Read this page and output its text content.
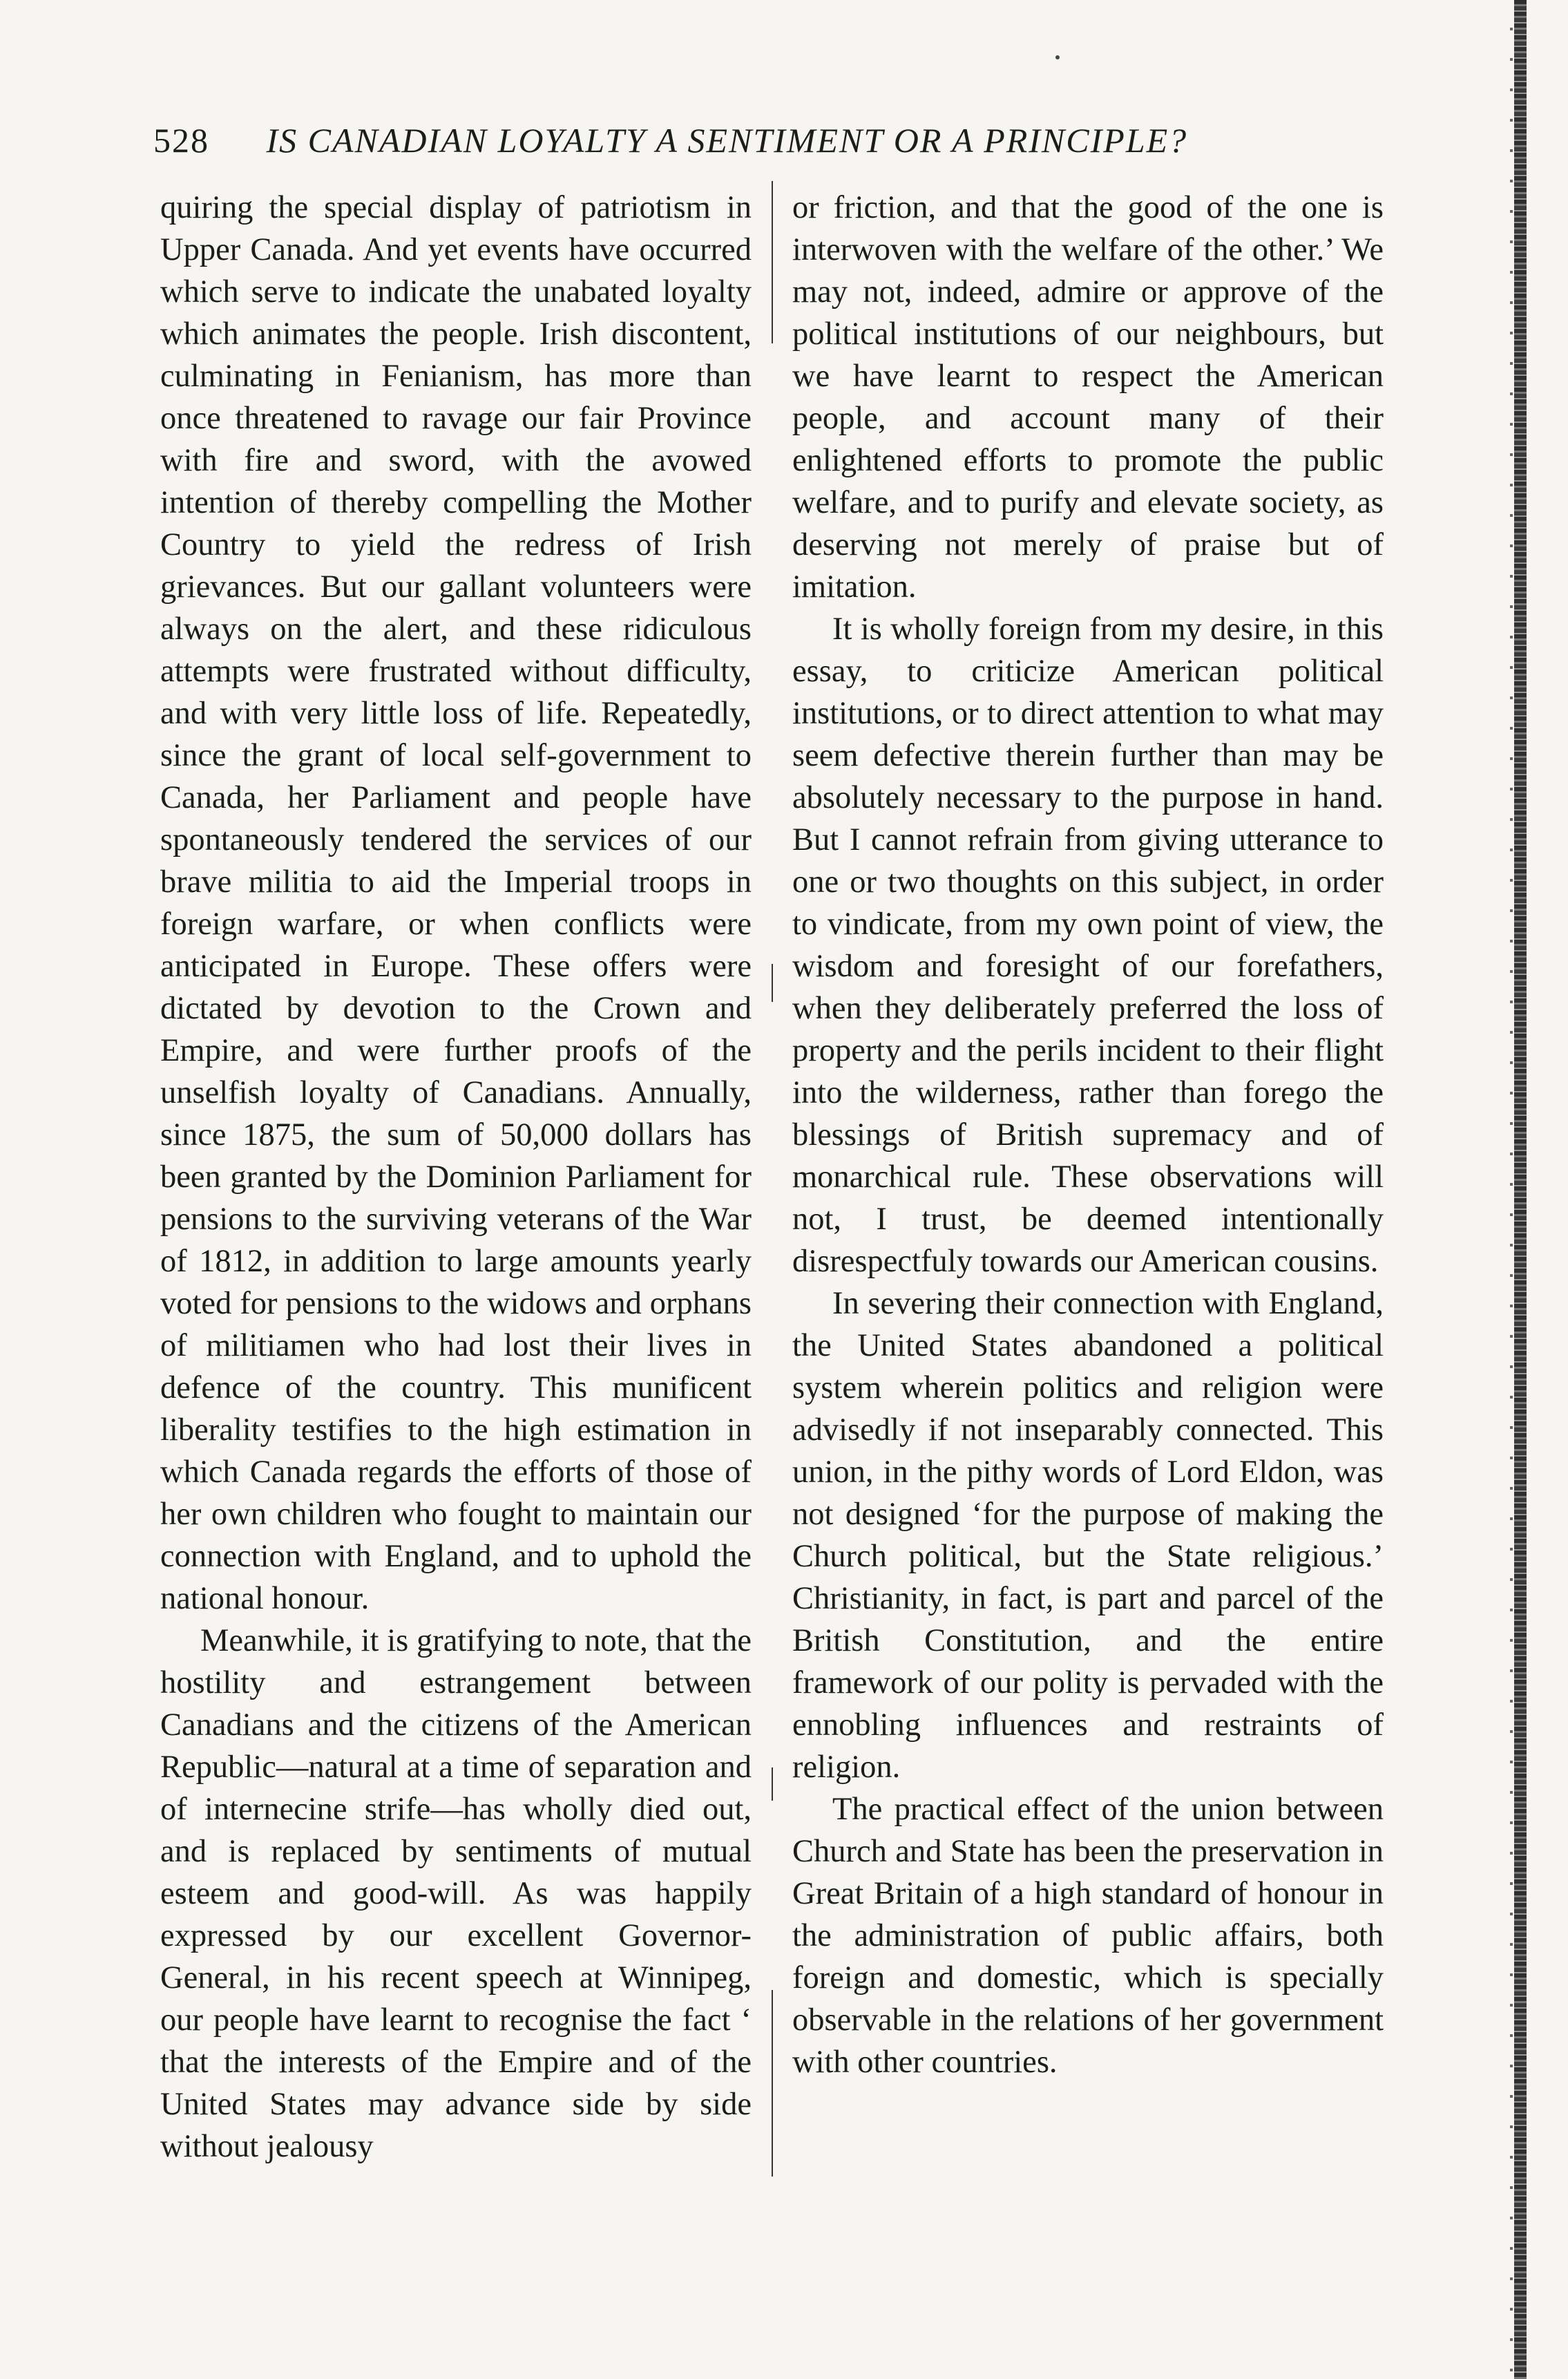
528 IS CANADIAN LOYALTY A SENTIMENT OR A PRINCIPLE?

quiring the special display of patriotism in Upper Canada. And yet events have occurred which serve to indicate the unabated loyalty which animates the people. Irish discontent, culminating in Fenianism, has more than once threatened to ravage our fair Province with fire and sword, with the avowed intention of thereby compelling the Mother Country to yield the redress of Irish grievances. But our gallant volunteers were always on the alert, and these ridiculous attempts were frustrated without difficulty, and with very little loss of life. Repeatedly, since the grant of local self-government to Canada, her Parliament and people have spontaneously tendered the services of our brave militia to aid the Imperial troops in foreign warfare, or when conflicts were anticipated in Europe. These offers were dictated by devotion to the Crown and Empire, and were further proofs of the unselfish loyalty of Canadians. Annually, since 1875, the sum of 50,000 dollars has been granted by the Dominion Parliament for pensions to the surviving veterans of the War of 1812, in addition to large amounts yearly voted for pensions to the widows and orphans of militiamen who had lost their lives in defence of the country. This munificent liberality testifies to the high estimation in which Canada regards the efforts of those of her own children who fought to maintain our connection with England, and to uphold the national honour.

Meanwhile, it is gratifying to note, that the hostility and estrangement between Canadians and the citizens of the American Republic—natural at a time of separation and of internecine strife—has wholly died out, and is replaced by sentiments of mutual esteem and good-will. As was happily expressed by our excellent Governor-General, in his recent speech at Winnipeg, our people have learnt to recognise the fact ‘ that the interests of the Empire and of the United States may advance side by side without jealousy

or friction, and that the good of the one is interwoven with the welfare of the other.’ We may not, indeed, admire or approve of the political institutions of our neighbours, but we have learnt to respect the American people, and account many of their enlightened efforts to promote the public welfare, and to purify and elevate society, as deserving not merely of praise but of imitation.

It is wholly foreign from my desire, in this essay, to criticize American political institutions, or to direct attention to what may seem defective therein further than may be absolutely necessary to the purpose in hand. But I cannot refrain from giving utterance to one or two thoughts on this subject, in order to vindicate, from my own point of view, the wisdom and foresight of our forefathers, when they deliberately preferred the loss of property and the perils incident to their flight into the wilderness, rather than forego the blessings of British supremacy and of monarchical rule. These observations will not, I trust, be deemed intentionally disrespectfuly towards our American cousins.

In severing their connection with England, the United States abandoned a political system wherein politics and religion were advisedly if not inseparably connected. This union, in the pithy words of Lord Eldon, was not designed ‘for the purpose of making the Church political, but the State religious.’ Christianity, in fact, is part and parcel of the British Constitution, and the entire framework of our polity is pervaded with the ennobling influences and restraints of religion.

The practical effect of the union between Church and State has been the preservation in Great Britain of a high standard of honour in the administration of public affairs, both foreign and domestic, which is specially observable in the relations of her government with other countries.
